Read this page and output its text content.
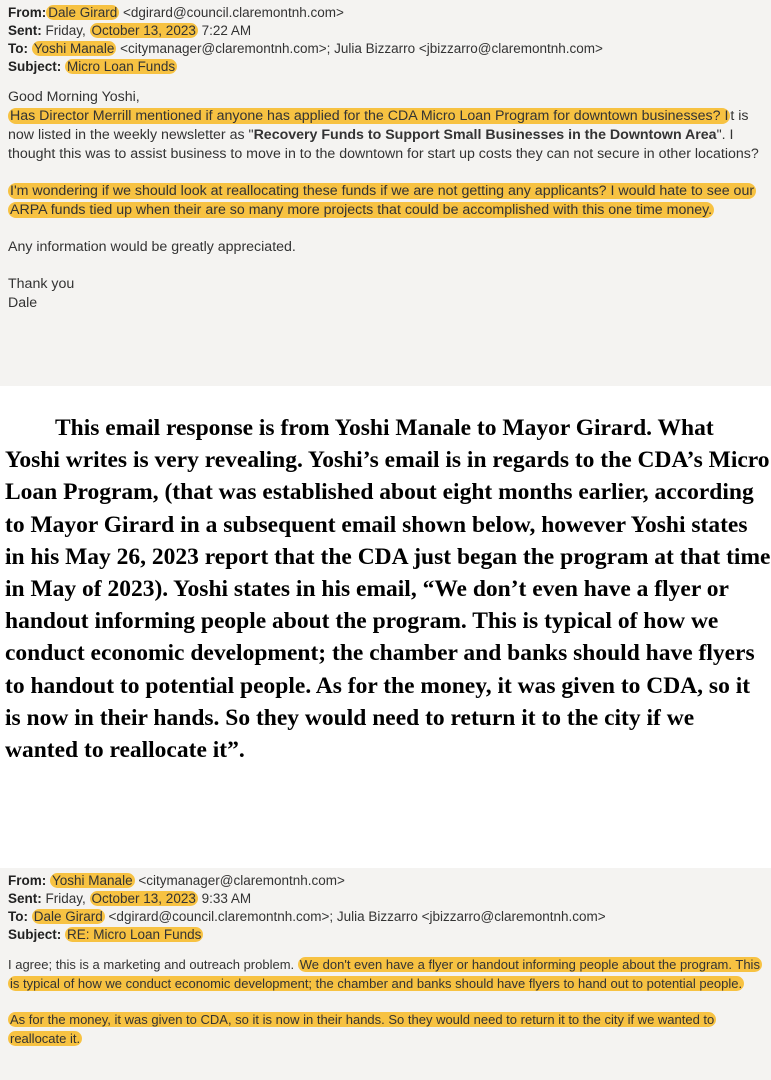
From: Dale Girard <dgirard@council.claremontnh.com>
Sent: Friday, October 13, 2023 7:22 AM
To: Yoshi Manale <citymanager@claremontnh.com>; Julia Bizzarro <jbizzarro@claremontnh.com>
Subject: Micro Loan Funds
Good Morning Yoshi,

Has Director Merrill mentioned if anyone has applied for the CDA Micro Loan Program for downtown businesses? I t is now listed in the weekly newsletter as "Recovery Funds to Support Small Businesses in the Downtown Area". I thought this was to assist business to move in to the downtown for start up costs they can not secure in other locations?

I'm wondering if we should look at reallocating these funds if we are not getting any applicants? I would hate to see our ARPA funds tied up when their are so many more projects that could be accomplished with this one time money.

Any information would be greatly appreciated.

Thank you
Dale

This email response is from Yoshi Manale to Mayor Girard. What Yoshi writes is very revealing. Yoshi’s email is in regards to the CDA’s Micro Loan Program, (that was established about eight months earlier, according to Mayor Girard in a subsequent email shown below, however Yoshi states in his May 26, 2023 report that the CDA just began the program at that time in May of 2023). Yoshi states in his email, “We don’t even have a flyer or handout informing people about the program. This is typical of how we conduct economic development; the chamber and banks should have flyers to handout to potential people. As for the money, it was given to CDA, so it is now in their hands. So they would need to return it to the city if we wanted to reallocate it”.

From: Yoshi Manale <citymanager@claremontnh.com>
Sent: Friday, October 13, 2023 9:33 AM
To: Dale Girard <dgirard@council.claremontnh.com>; Julia Bizzarro <jbizzarro@claremontnh.com>
Subject: RE: Micro Loan Funds

I agree; this is a marketing and outreach problem. We don't even have a flyer or handout informing people about the program. This is typical of how we conduct economic development; the chamber and banks should have flyers to hand out to potential people.

As for the money, it was given to CDA, so it is now in their hands. So they would need to return it to the city if we wanted to reallocate it.
